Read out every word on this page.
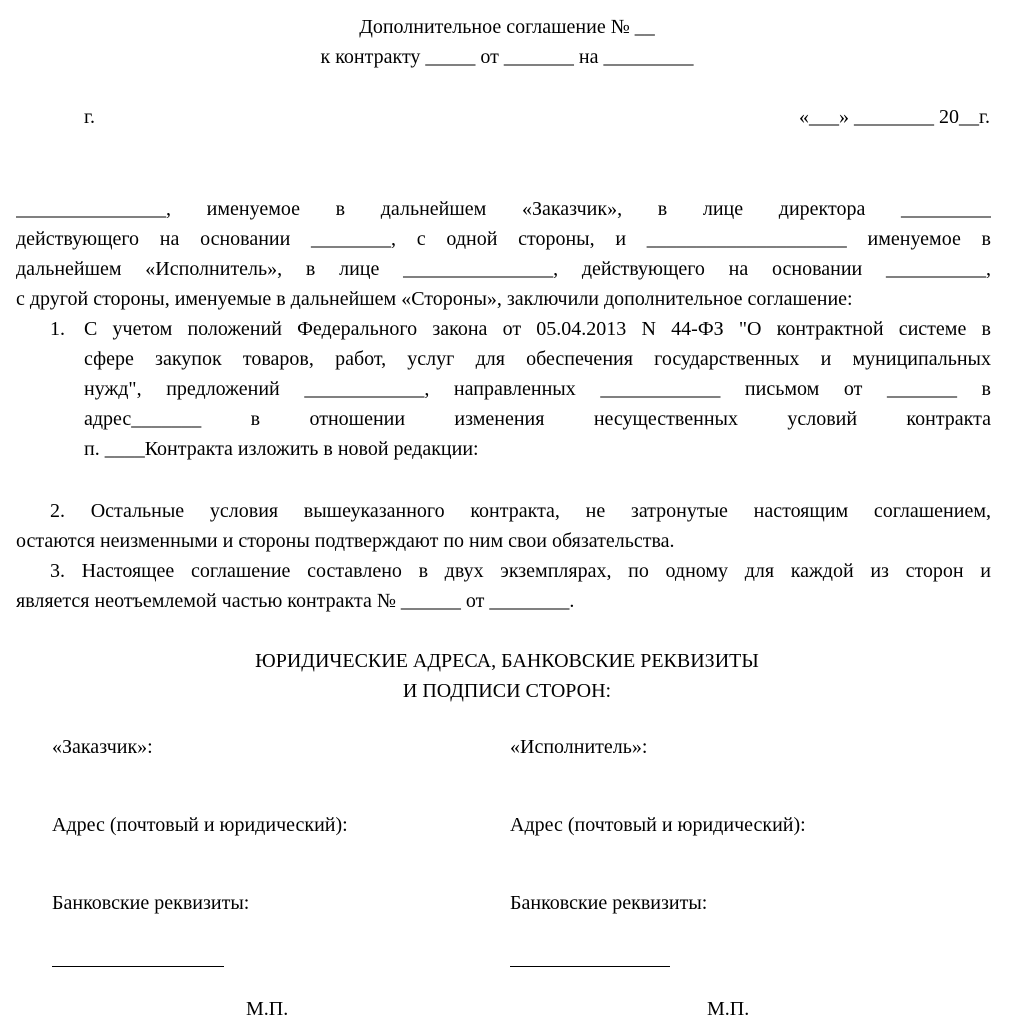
Дополнительное соглашение № __
к контракту _____ от _______ на _________
г.	«___» ________ 20__г.
_______________, именуемое в дальнейшем «Заказчик», в лице директора _________
действующего на основании ________, с одной стороны, и ____________________ именуемое в
дальнейшем «Исполнитель», в лице _______________, действующего на основании __________,
с другой стороны, именуемые в дальнейшем «Стороны», заключили дополнительное соглашение:
1. С учетом положений Федерального закона от 05.04.2013 N 44-ФЗ "О контрактной системе в
сфере закупок товаров, работ, услуг для обеспечения государственных и муниципальных
нужд", предложений ____________, направленных ____________ письмом от _______ в
адрес_______ в отношении изменения несущественных условий контракта
п. ____Контракта изложить в новой редакции:
2. Остальные условия вышеуказанного контракта, не затронутые настоящим соглашением,
остаются неизменными и стороны подтверждают по ним свои обязательства.
3. Настоящее соглашение составлено в двух экземплярах, по одному для каждой из сторон и
является неотъемлемой частью контракта № ______ от ________.
ЮРИДИЧЕСКИЕ АДРЕСА, БАНКОВСКИЕ РЕКВИЗИТЫ
И ПОДПИСИ СТОРОН:
«Заказчик»:
Адрес (почтовый и юридический):
Банковские реквизиты:
М.П.
«Исполнитель»:
Адрес (почтовый и юридический):
Банковские реквизиты:
М.П.
